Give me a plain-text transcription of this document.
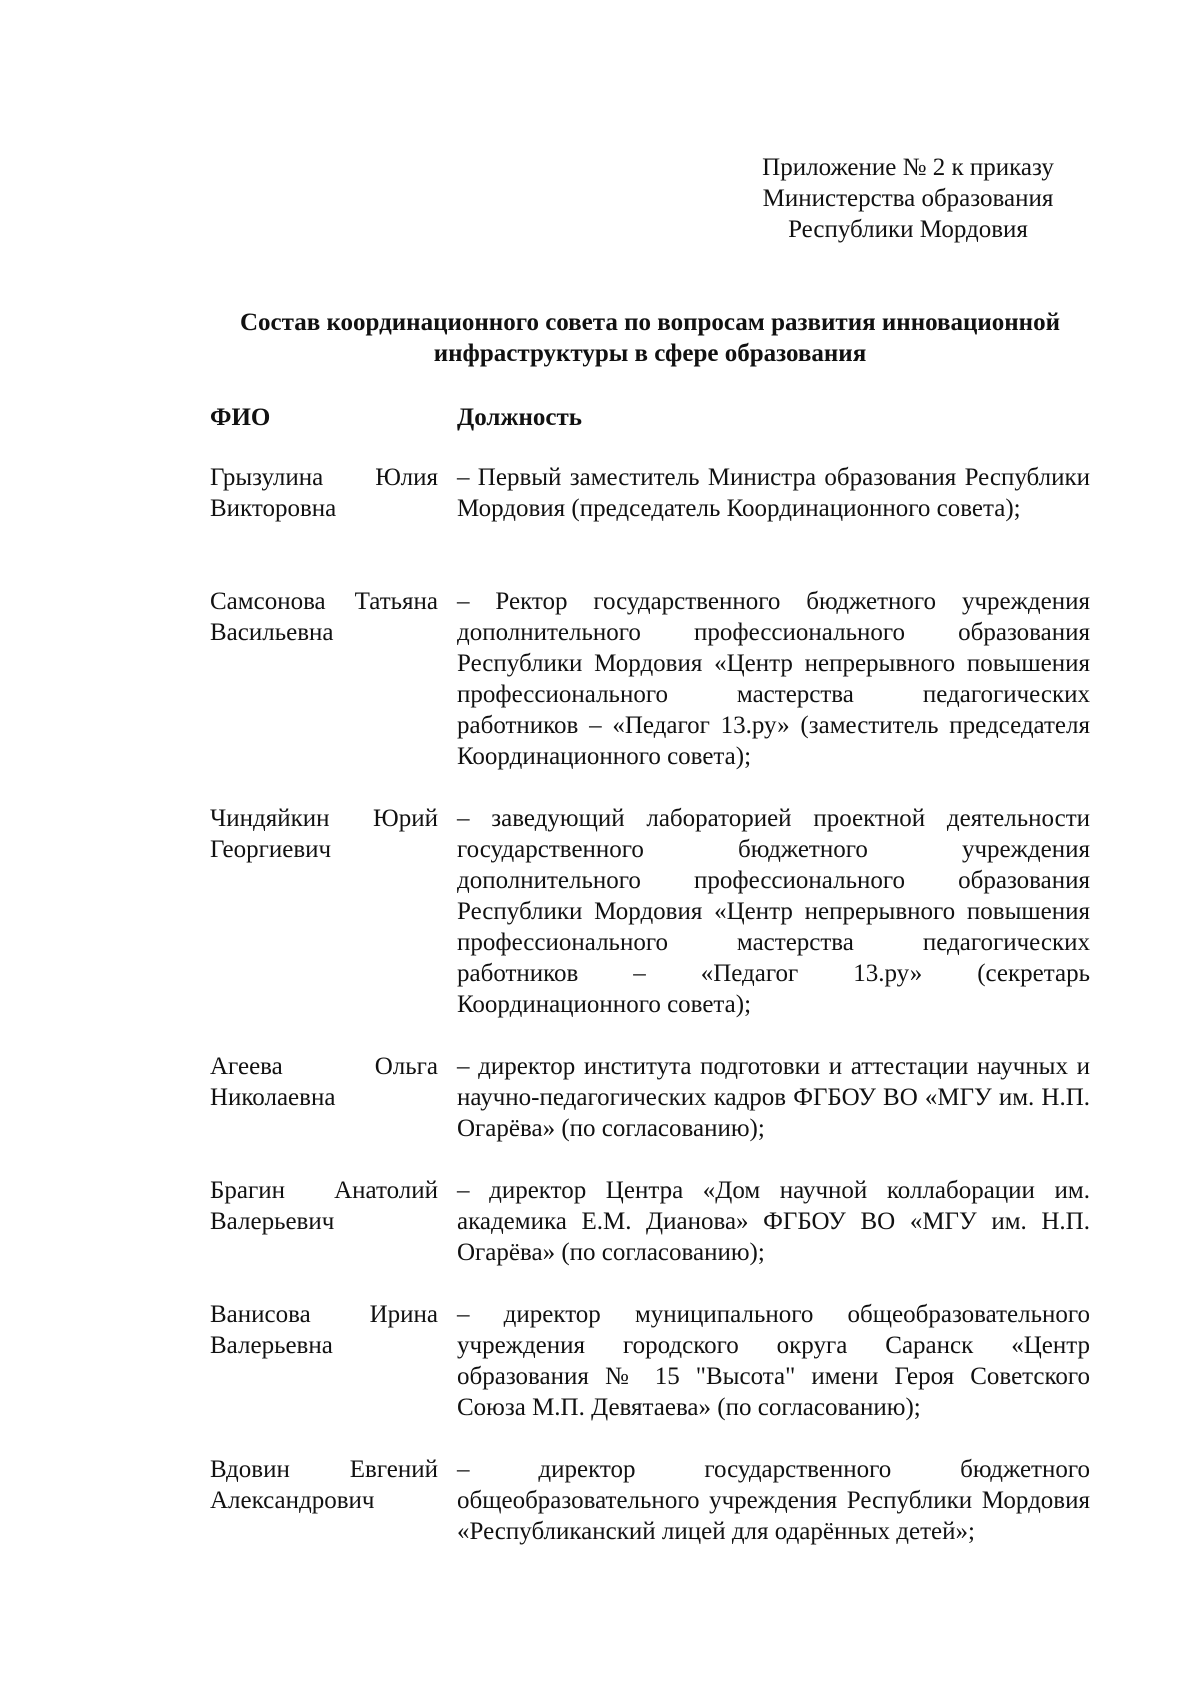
Приложение № 2 к приказу
Министерства образования
Республики Мордовия
Состав координационного совета по вопросам развития инновационной
инфраструктуры в сфере образования
ФИО	Должность
Грызулина Юлия
Викторовна
– Первый заместитель Министра образования Республики Мордовия (председатель Координационного совета);
Самсонова Татьяна
Васильевна
– Ректор государственного бюджетного учреждения дополнительного профессионального образования Республики Мордовия «Центр непрерывного повышения профессионального мастерства педагогических работников – «Педагог 13.ру» (заместитель председателя Координационного совета);
Чиндяйкин Юрий
Георгиевич
– заведующий лабораторией проектной деятельности государственного бюджетного учреждения дополнительного профессионального образования Республики Мордовия «Центр непрерывного повышения профессионального мастерства педагогических работников – «Педагог 13.ру» (секретарь Координационного совета);
Агеева Ольга
Николаевна
– директор института подготовки и аттестации научных и научно-педагогических кадров ФГБОУ ВО «МГУ им. Н.П. Огарёва» (по согласованию);
Брагин Анатолий
Валерьевич
– директор Центра «Дом научной коллаборации им. академика Е.М. Дианова» ФГБОУ ВО «МГУ им. Н.П. Огарёва» (по согласованию);
Ванисова Ирина
Валерьевна
– директор муниципального общеобразовательного учреждения городского округа Саранск «Центр образования № 15 "Высота" имени Героя Советского Союза М.П. Девятаева» (по согласованию);
Вдовин Евгений
Александрович
– директор государственного бюджетного общеобразовательного учреждения Республики Мордовия «Республиканский лицей для одарённых детей»;
